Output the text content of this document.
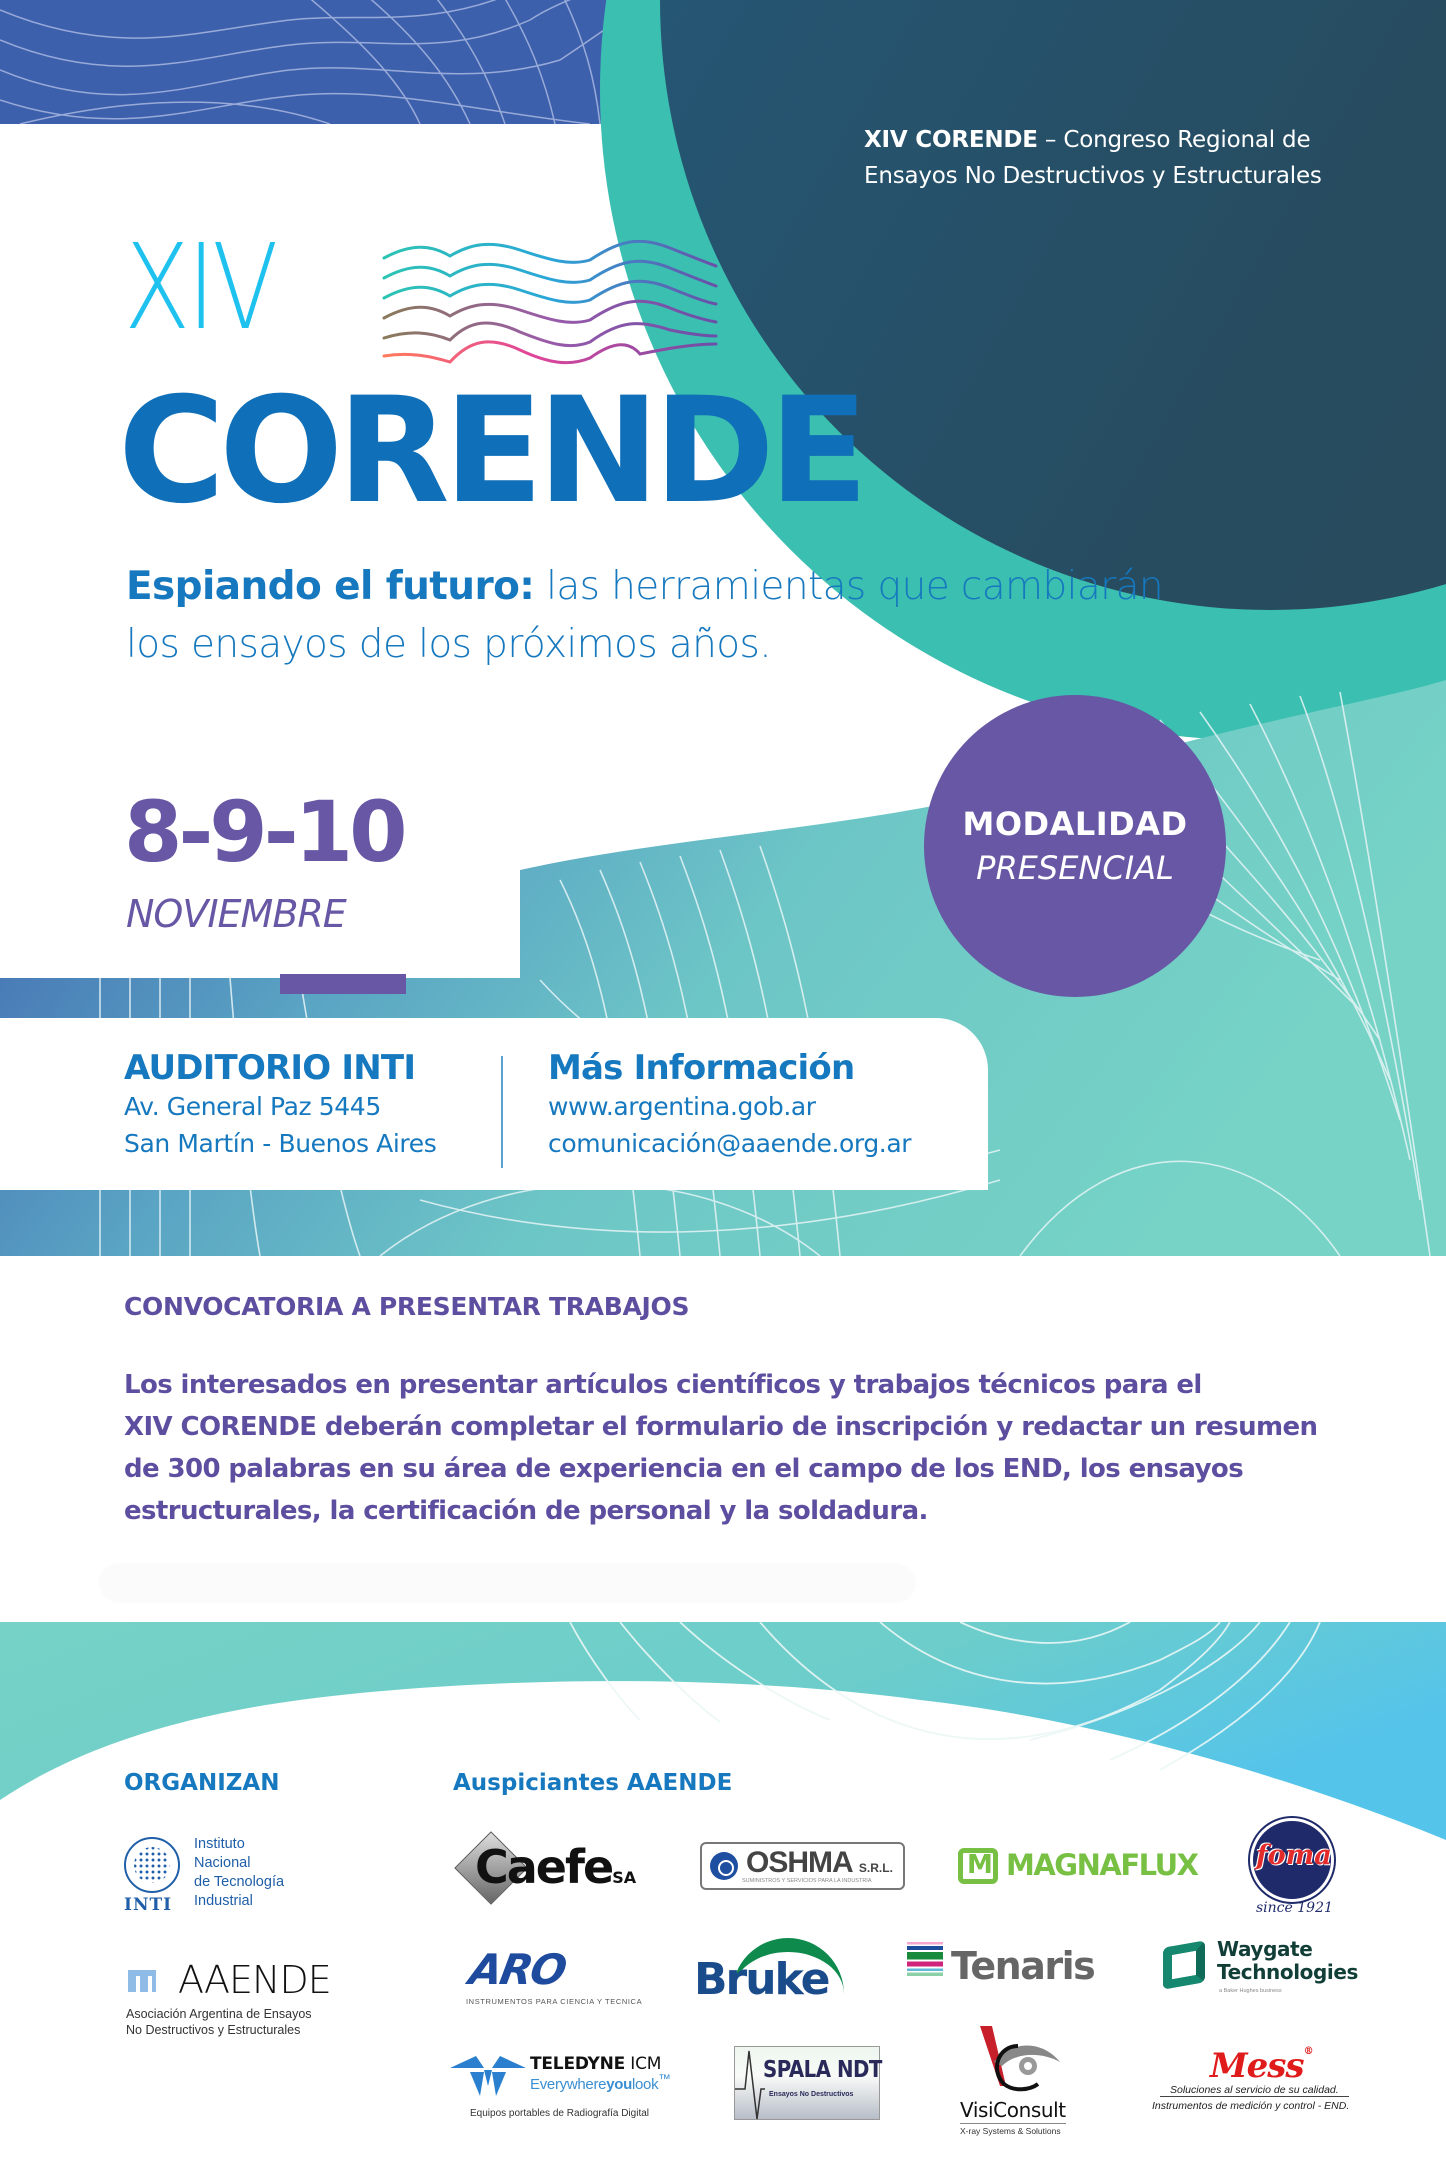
XIV CORENDE – Congreso Regional de
Ensayos No Destructivos y Estructurales
XIV
CORENDE
Espiando el futuro: las herramientas que cambiarán
los ensayos de los próximos años.
8-9-10
NOVIEMBRE
MODALIDAD
PRESENCIAL
AUDITORIO INTI
Av. General Paz 5445
San Martín - Buenos Aires
Más Información
www.argentina.gob.ar
comunicación@aaende.org.ar
CONVOCATORIA A PRESENTAR TRABAJOS
Los interesados en presentar artículos científicos y trabajos técnicos para el
XIV CORENDE deberán completar el formulario de inscripción y redactar un resumen
de 300 palabras en su área de experiencia en el campo de los END, los ensayos
estructurales, la certificación de personal y la soldadura.
ORGANIZAN	Auspiciantes AAENDE
INTI
Instituto
Nacional
de Tecnología
Industrial
AAENDE
Asociación Argentina de Ensayos
No Destructivos y Estructurales
CaefeSA	OSHMA S.R.L.
SUMINISTROS Y SERVICIOS PARA LA INDUSTRIA M	MAGNAFLUX foma
since 1921
ARO
INSTRUMENTOS PARA CIENCIA Y TECNICA Bruke	Tenaris	Waygate
Technologies
a Baker Hughes business
TELEDYNE ICM
Everywhereyoulook™
Equipos portables de Radiografía Digital
SPALA NDT
Ensayos No Destructivos
VisiConsult
X-ray Systems & Solutions
Mess®
Soluciones al servicio de su calidad.
Instrumentos de medición y control - END.
